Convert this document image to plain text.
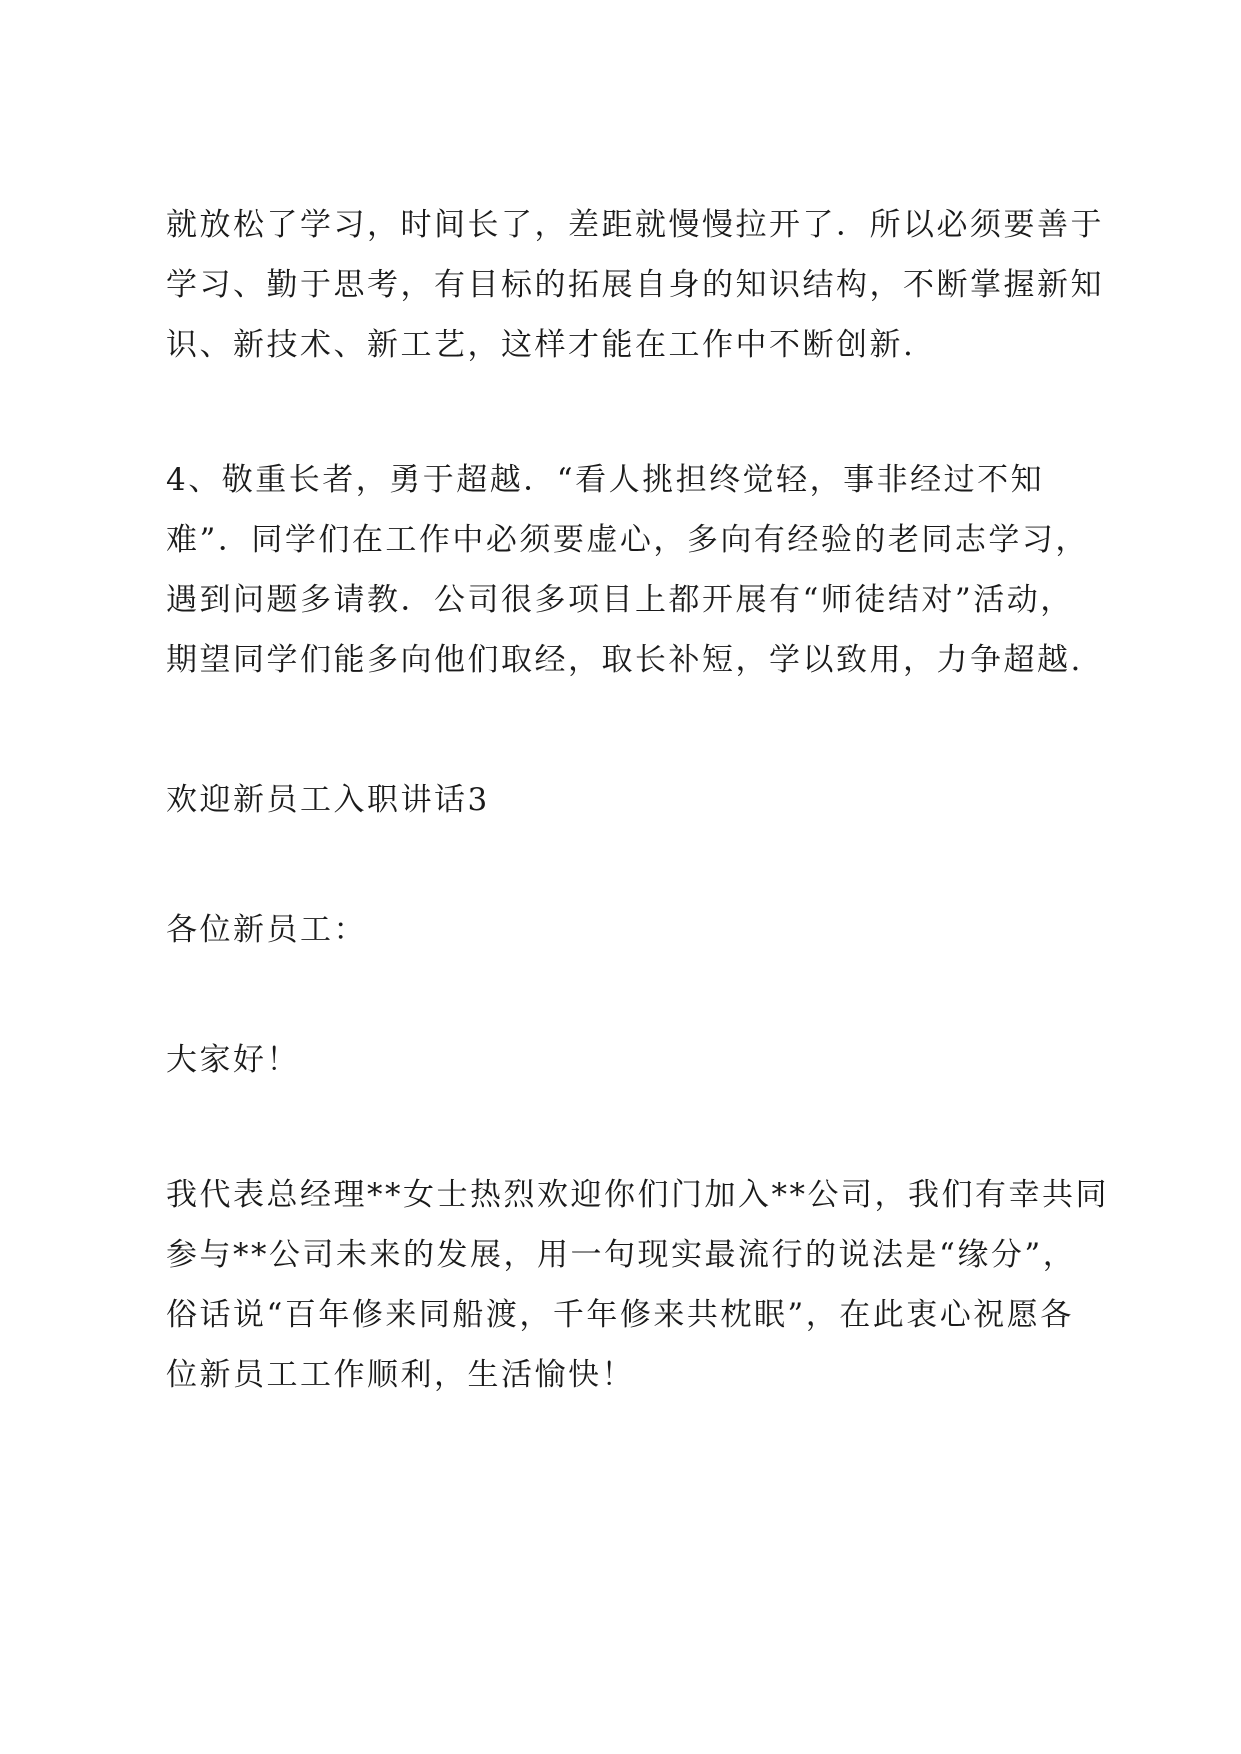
就放松了学习，时间长了，差距就慢慢拉开了．所以必须要善于
学习、勤于思考，有目标的拓展自身的知识结构，不断掌握新知
识、新技术、新工艺，这样才能在工作中不断创新.
4、敬重长者，勇于超越．“看人挑担终觉轻，事非经过不知
难”．同学们在工作中必须要虚心，多向有经验的老同志学习，
遇到问题多请教．公司很多项目上都开展有“师徒结对”活动，
期望同学们能多向他们取经，取长补短，学以致用，力争超越.
欢迎新员工入职讲话3
各位新员工：
大家好！
我代表总经理**女士热烈欢迎你们门加入**公司，我们有幸共同
参与**公司未来的发展，用一句现实最流行的说法是“缘分”，
俗话说“百年修来同船渡，千年修来共枕眠”，在此衷心祝愿各
位新员工工作顺利，生活愉快！
